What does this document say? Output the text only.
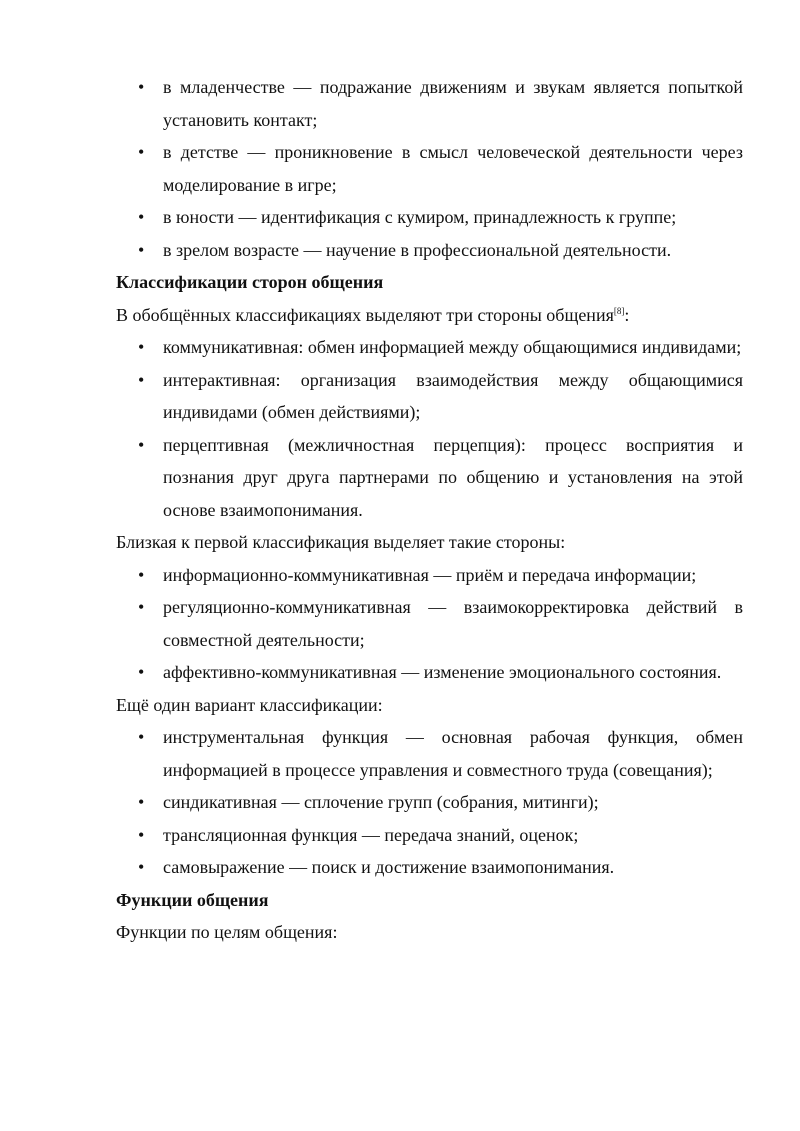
• в младенчестве — подражание движениям и звукам является попыткой установить контакт;
• в детстве — проникновение в смысл человеческой деятельности через моделирование в игре;
• в юности — идентификация с кумиром, принадлежность к группе;
• в зрелом возрасте — научение в профессиональной деятельности.

Классификации сторон общения

В обобщённых классификациях выделяют три стороны общения[8]:

• коммуникативная: обмен информацией между общающимися индивидами;
• интерактивная: организация взаимодействия между общающимися индивидами (обмен действиями);
• перцептивная (межличностная перцепция): процесс восприятия и познания друг друга партнерами по общению и установления на этой основе взаимопонимания.

Близкая к первой классификация выделяет такие стороны:

• информационно-коммуникативная — приём и передача информации;
• регуляционно-коммуникативная — взаимокорректировка действий в совместной деятельности;
• аффективно-коммуникативная — изменение эмоционального состояния.

Ещё один вариант классификации:

• инструментальная функция — основная рабочая функция, обмен информацией в процессе управления и совместного труда (совещания);
• синдикативная — сплочение групп (собрания, митинги);
• трансляционная функция — передача знаний, оценок;
• самовыражение — поиск и достижение взаимопонимания.

Функции общения

Функции по целям общения:
